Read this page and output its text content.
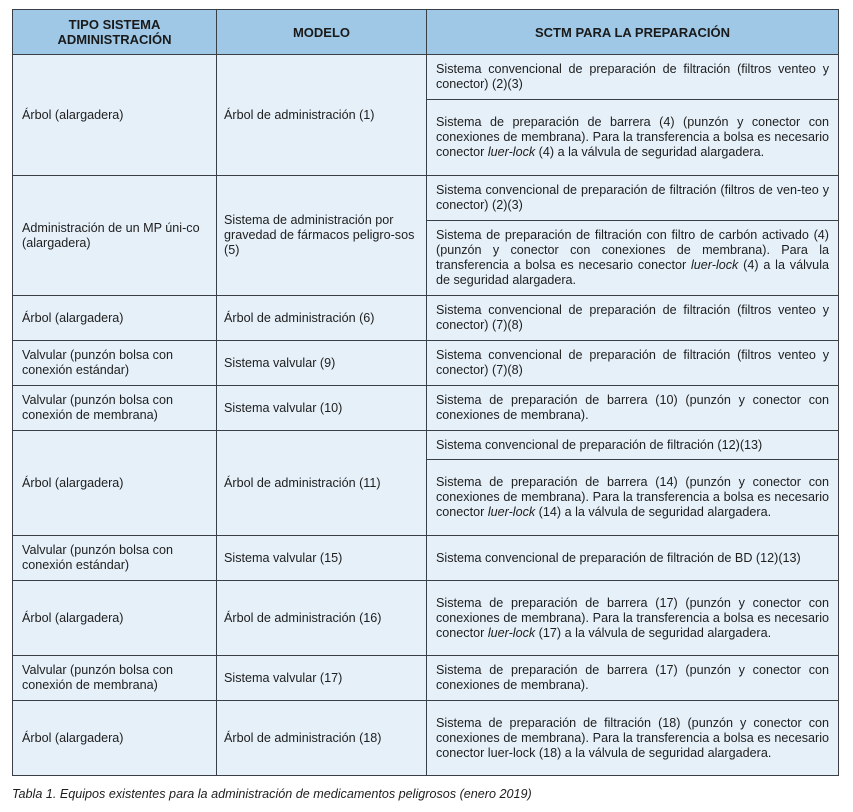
TIPO SISTEMA ADMINISTRACIÓN	MODELO	SCTM PARA LA PREPARACIÓN
Árbol (alargadera)	Árbol de administración (1)	Sistema convencional de preparación de filtración (filtros venteo y conector) (2)(3)
		Sistema de preparación de barrera (4) (punzón y conector con conexiones de membrana). Para la transferencia a bolsa es necesario conector luer-lock (4) a la válvula de seguridad alargadera.
Administración de un MP úni-co (alargadera)	Sistema de administración por gravedad de fármacos peligro-sos (5)	Sistema convencional de preparación de filtración (filtros de ven-teo y conector) (2)(3)
		Sistema de preparación de filtración con filtro de carbón activado (4) (punzón y conector con conexiones de membrana). Para la transferencia a bolsa es necesario conector luer-lock (4) a la válvula de seguridad alargadera.
Árbol (alargadera)	Árbol de administración (6)	Sistema convencional de preparación de filtración (filtros venteo y conector) (7)(8)
Valvular (punzón bolsa con conexión estándar)	Sistema valvular (9)	Sistema convencional de preparación de filtración (filtros venteo y conector) (7)(8)
Valvular (punzón bolsa con conexión de membrana)	Sistema valvular (10)	Sistema de preparación de barrera (10) (punzón y conector con conexiones de membrana).
Árbol (alargadera)	Árbol de administración (11)	Sistema convencional de preparación de filtración (12)(13)
		Sistema de preparación de barrera (14) (punzón y conector con conexiones de membrana). Para la transferencia a bolsa es necesario conector luer-lock (14) a la válvula de seguridad alargadera.
Valvular (punzón bolsa con conexión estándar)	Sistema valvular (15)	Sistema convencional de preparación de filtración de BD (12)(13)
Árbol (alargadera)	Árbol de administración (16)	Sistema de preparación de barrera (17) (punzón y conector con conexiones de membrana). Para la transferencia a bolsa es necesario conector luer-lock (17) a la válvula de seguridad alargadera.
Valvular (punzón bolsa con conexión de membrana)	Sistema valvular (17)	Sistema de preparación de barrera (17) (punzón y conector con conexiones de membrana).
Árbol (alargadera)	Árbol de administración (18)	Sistema de preparación de filtración (18) (punzón y conector con conexiones de membrana). Para la transferencia a bolsa es necesario conector luer-lock (18) a la válvula de seguridad alargadera.
Tabla 1. Equipos existentes para la administración de medicamentos peligrosos (enero 2019)
